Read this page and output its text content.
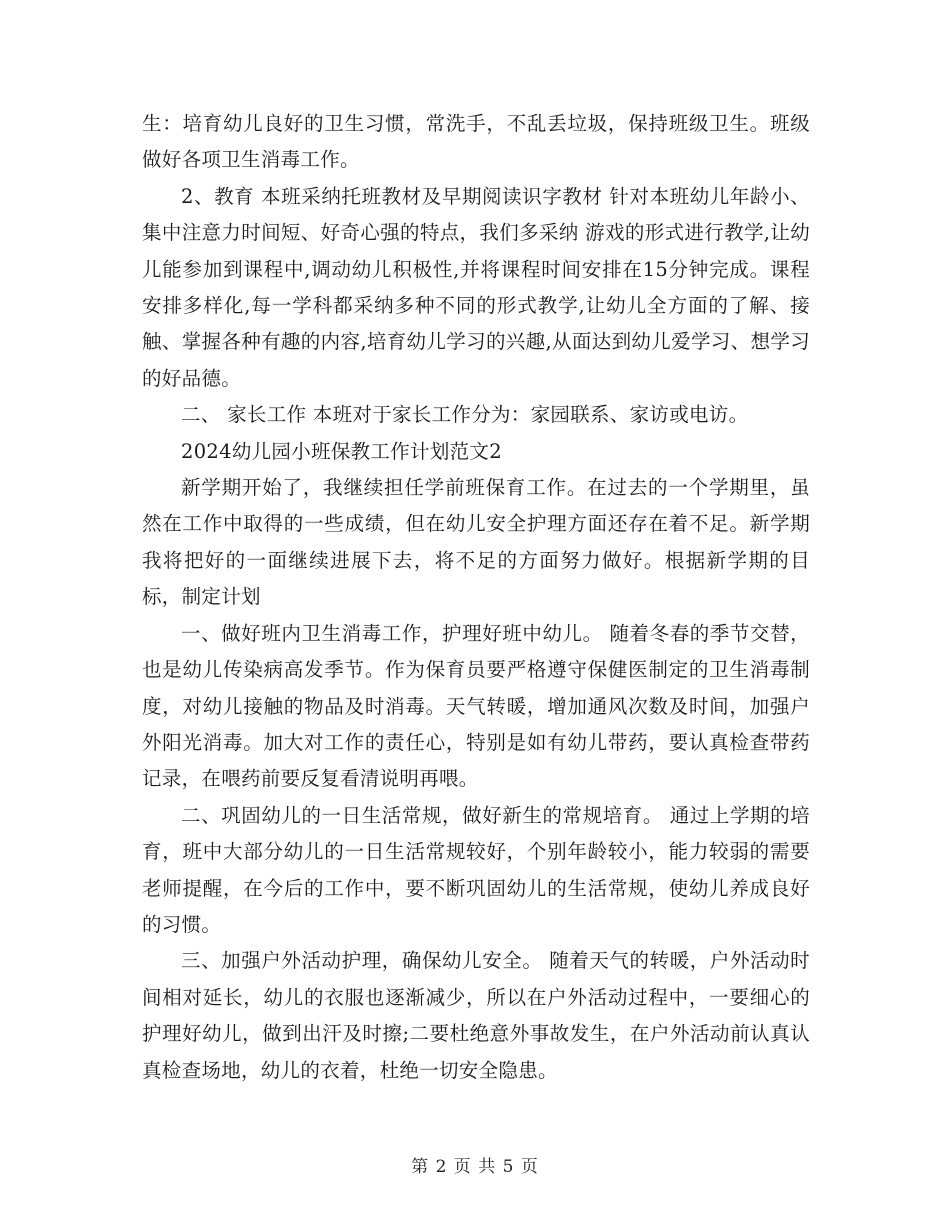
生：培育幼儿良好的卫生习惯，常洗手，不乱丢垃圾，保持班级卫生。班级做好各项卫生消毒工作。

2、教育 本班采纳托班教材及早期阅读识字教材 针对本班幼儿年龄小、集中注意力时间短、好奇心强的特点，我们多采纳 游戏的形式进行教学,让幼儿能参加到课程中,调动幼儿积极性,并将课程时间安排在15分钟完成。课程安排多样化,每一学科都采纳多种不同的形式教学,让幼儿全方面的了解、接触、掌握各种有趣的内容,培育幼儿学习的兴趣,从面达到幼儿爱学习、想学习的好品德。

二、 家长工作 本班对于家长工作分为：家园联系、家访或电访。

2024幼儿园小班保教工作计划范文2

新学期开始了，我继续担任学前班保育工作。在过去的一个学期里，虽然在工作中取得的一些成绩，但在幼儿安全护理方面还存在着不足。新学期我将把好的一面继续进展下去，将不足的方面努力做好。根据新学期的目标，制定计划

一、做好班内卫生消毒工作，护理好班中幼儿。 随着冬春的季节交替，也是幼儿传染病高发季节。作为保育员要严格遵守保健医制定的卫生消毒制度，对幼儿接触的物品及时消毒。天气转暖，增加通风次数及时间，加强户外阳光消毒。加大对工作的责任心，特别是如有幼儿带药，要认真检查带药记录，在喂药前要反复看清说明再喂。

二、巩固幼儿的一日生活常规，做好新生的常规培育。 通过上学期的培育，班中大部分幼儿的一日生活常规较好，个别年龄较小，能力较弱的需要老师提醒，在今后的工作中，要不断巩固幼儿的生活常规，使幼儿养成良好的习惯。

三、加强户外活动护理，确保幼儿安全。 随着天气的转暖，户外活动时间相对延长，幼儿的衣服也逐渐减少，所以在户外活动过程中，一要细心的护理好幼儿，做到出汗及时擦;二要杜绝意外事故发生，在户外活动前认真认真检查场地，幼儿的衣着，杜绝一切安全隐患。

第 2 页 共 5 页
